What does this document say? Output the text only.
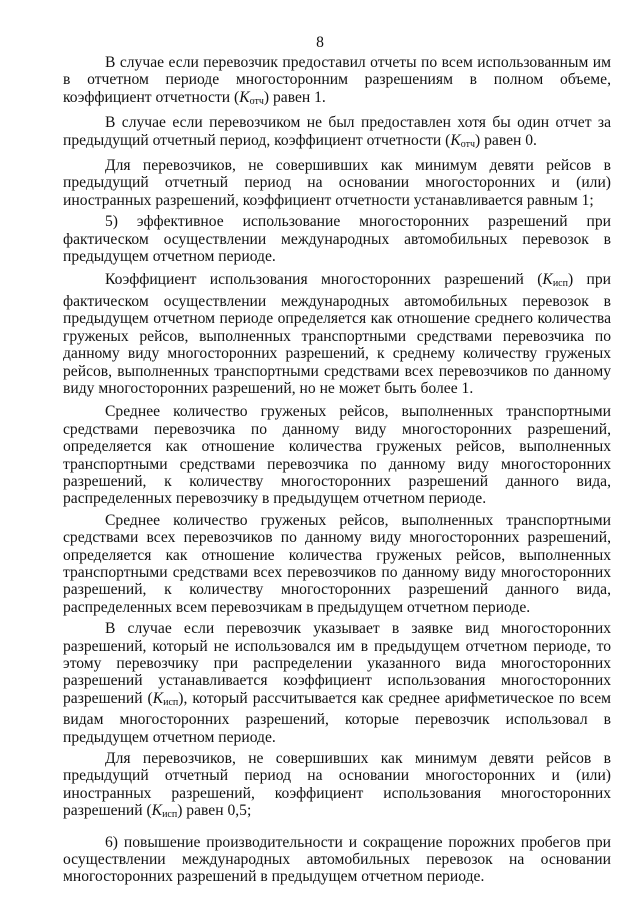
8

В случае если перевозчик предоставил отчеты по всем использованным им в отчетном периоде многосторонним разрешениям в полном объеме, коэффициент отчетности $(K_{отч})$ равен 1.

В случае если перевозчиком не был предоставлен хотя бы один отчет за предыдущий отчетный период, коэффициент отчетности $(K_{отч})$ равен 0.

Для перевозчиков, не совершивших как минимум девяти рейсов в предыдущий отчетный период на основании многосторонних и (или) иностранных разрешений, коэффициент отчетности устанавливается равным 1;

5) эффективное использование многосторонних разрешений при фактическом осуществлении международных автомобильных перевозок в предыдущем отчетном периоде.

Коэффициент использования многосторонних разрешений $(K_{исп})$ при фактическом осуществлении международных автомобильных перевозок в предыдущем отчетном периоде определяется как отношение среднего количества груженых рейсов, выполненных транспортными средствами перевозчика по данному виду многосторонних разрешений, к среднему количеству груженых рейсов, выполненных транспортными средствами всех перевозчиков по данному виду многосторонних разрешений, но не может быть более 1.

Среднее количество груженых рейсов, выполненных транспортными средствами перевозчика по данному виду многосторонних разрешений, определяется как отношение количества груженых рейсов, выполненных транспортными средствами перевозчика по данному виду многосторонних разрешений, к количеству многосторонних разрешений данного вида, распределенных перевозчику в предыдущем отчетном периоде.

Среднее количество груженых рейсов, выполненных транспортными средствами всех перевозчиков по данному виду многосторонних разрешений, определяется как отношение количества груженых рейсов, выполненных транспортными средствами всех перевозчиков по данному виду многосторонних разрешений, к количеству многосторонних разрешений данного вида, распределенных всем перевозчикам в предыдущем отчетном периоде.

В случае если перевозчик указывает в заявке вид многосторонних разрешений, который не использовался им в предыдущем отчетном периоде, то этому перевозчику при распределении указанного вида многосторонних разрешений устанавливается коэффициент использования многосторонних разрешений $(K_{исп})$, который рассчитывается как среднее арифметическое по всем видам многосторонних разрешений, которые перевозчик использовал в предыдущем отчетном периоде.

Для перевозчиков, не совершивших как минимум девяти рейсов в предыдущий отчетный период на основании многосторонних и (или) иностранных разрешений, коэффициент использования многосторонних разрешений $(K_{исп})$ равен 0,5;

6) повышение производительности и сокращение порожних пробегов при осуществлении международных автомобильных перевозок на основании многосторонних разрешений в предыдущем отчетном периоде.
